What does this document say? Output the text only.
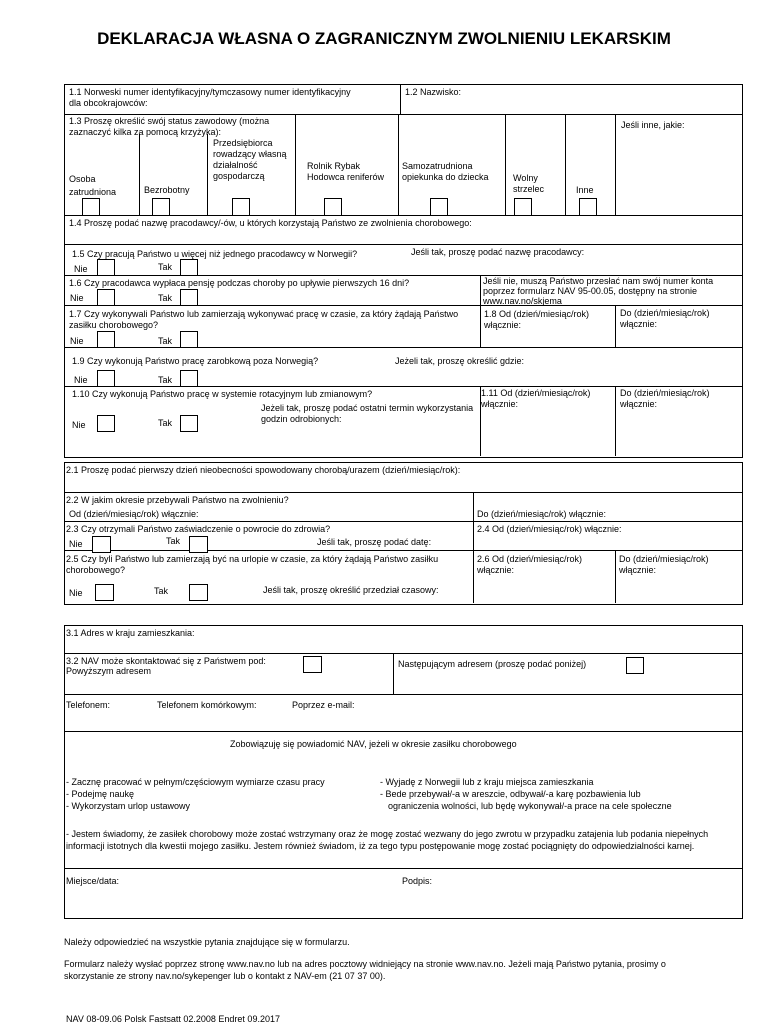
DEKLARACJA WŁASNA O ZAGRANICZNYM ZWOLNIENIU LEKARSKIM
1.1 Norweski numer identyfikacyjny/tymczasowy numer identyfikacyjny dla obcokrajowców:
1.2 Nazwisko:
1.3 Proszę określić swój status zawodowy (można zaznaczyć kilka za pomocą krzyżyka):
Osoba zatrudniona	Bezrobotny
Przedsiębiorca rowadzący własną działalność gospodarczą
Rolnik Rybak Hodowca reniferów
Samozatrudniona opiekunka do dziecka	Wolny strzelec	Inne
Jeśli inne, jakie:
1.4 Proszę podać nazwę pracodawcy/-ów, u których korzystają Państwo ze zwolnienia chorobowego:
1.5 Czy pracują Państwo u więcej niż jednego pracodawcy w Norwegii?	Jeśli tak, proszę podać nazwę pracodawcy:
Nie	Tak
1.6 Czy pracodawca wypłaca pensję podczas choroby po upływie pierwszych 16 dni?	Jeśli nie, muszą Państwo przesłać nam swój numer konta poprzez formularz NAV 95-00.05, dostępny na stronie www.nav.no/skjema
Nie	Tak
1.7 Czy wykonywali Państwo lub zamierzają wykonywać pracę w czasie, za który żądają Państwo zasiłku chorobowego?
Nie	Tak
1.8 Od (dzień/miesiąc/rok) włącznie:
Do (dzień/miesiąc/rok) włącznie:
1.9 Czy wykonują Państwo pracę zarobkową poza Norwegią?	Jeżeli tak, proszę określić gdzie:
Nie	Tak
1.10 Czy wykonują Państwo pracę w systemie rotacyjnym lub zmianowym?
Jeżeli tak, proszę podać ostatni termin wykorzystania godzin odrobionych:
Nie	Tak
1.11 Od (dzień/miesiąc/rok) włącznie:
Do (dzień/miesiąc/rok) włącznie:
2.1 Proszę podać pierwszy dzień nieobecności spowodowany chorobą/urazem (dzień/miesiąc/rok):
2.2 W jakim okresie przebywali Państwo na zwolnieniu?
Od (dzień/miesiąc/rok) włącznie:	Do (dzień/miesiąc/rok) włącznie:
2.3 Czy otrzymali Państwo zaświadczenie o powrocie do zdrowia?
Jeśli tak, proszę podać datę:
Nie	Tak
2.4 Od (dzień/miesiąc/rok) włącznie:
2.5 Czy byli Państwo lub zamierzają być na urlopie w czasie, za który żądają Państwo zasiłku chorobowego?
Jeśli tak, proszę określić przedział czasowy:
Nie	Tak
2.6 Od (dzień/miesiąc/rok) włącznie:
Do (dzień/miesiąc/rok) włącznie:
3.1 Adres w kraju zamieszkania:
3.2 NAV może skontaktować się z Państwem pod:
Powyższym adresem
Następującym adresem (proszę podać poniżej)
Telefonem:	Telefonem komórkowym:	Poprzez e-mail:
Zobowiązuję się powiadomić NAV, jeżeli w okresie zasiłku chorobowego
- Zacznę pracować w pełnym/częściowym wymiarze czasu pracy
- Podejmę naukę
- Wykorzystam urlop ustawowy
- Wyjadę z Norwegii lub z kraju miejsca zamieszkania
- Bede przebywał/-a w areszcie, odbywał/-a karę pozbawienia lub
ograniczenia wolności, lub będę wykonywał/-a prace na cele społeczne
- Jestem świadomy, że zasiłek chorobowy może zostać wstrzymany oraz że mogę zostać wezwany do jego zwrotu w przypadku zatajenia lub podania niepełnych informacji istotnych dla kwestii mojego zasiłku. Jestem również świadom, iż za tego typu postępowanie mogę zostać pociągnięty do odpowiedzialności karnej.
Miejsce/data:	Podpis:
Należy odpowiedzieć na wszystkie pytania znajdujące się w formularzu.
Formularz należy wysłać poprzez stronę www.nav.no lub na adres pocztowy widniejący na stronie www.nav.no. Jeżeli mają Państwo pytania, prosimy o skorzystanie ze strony nav.no/sykepenger lub o kontakt z NAV-em (21 07 37 00).
NAV 08-09.06 Polsk Fastsatt 02.2008 Endret 09.2017
